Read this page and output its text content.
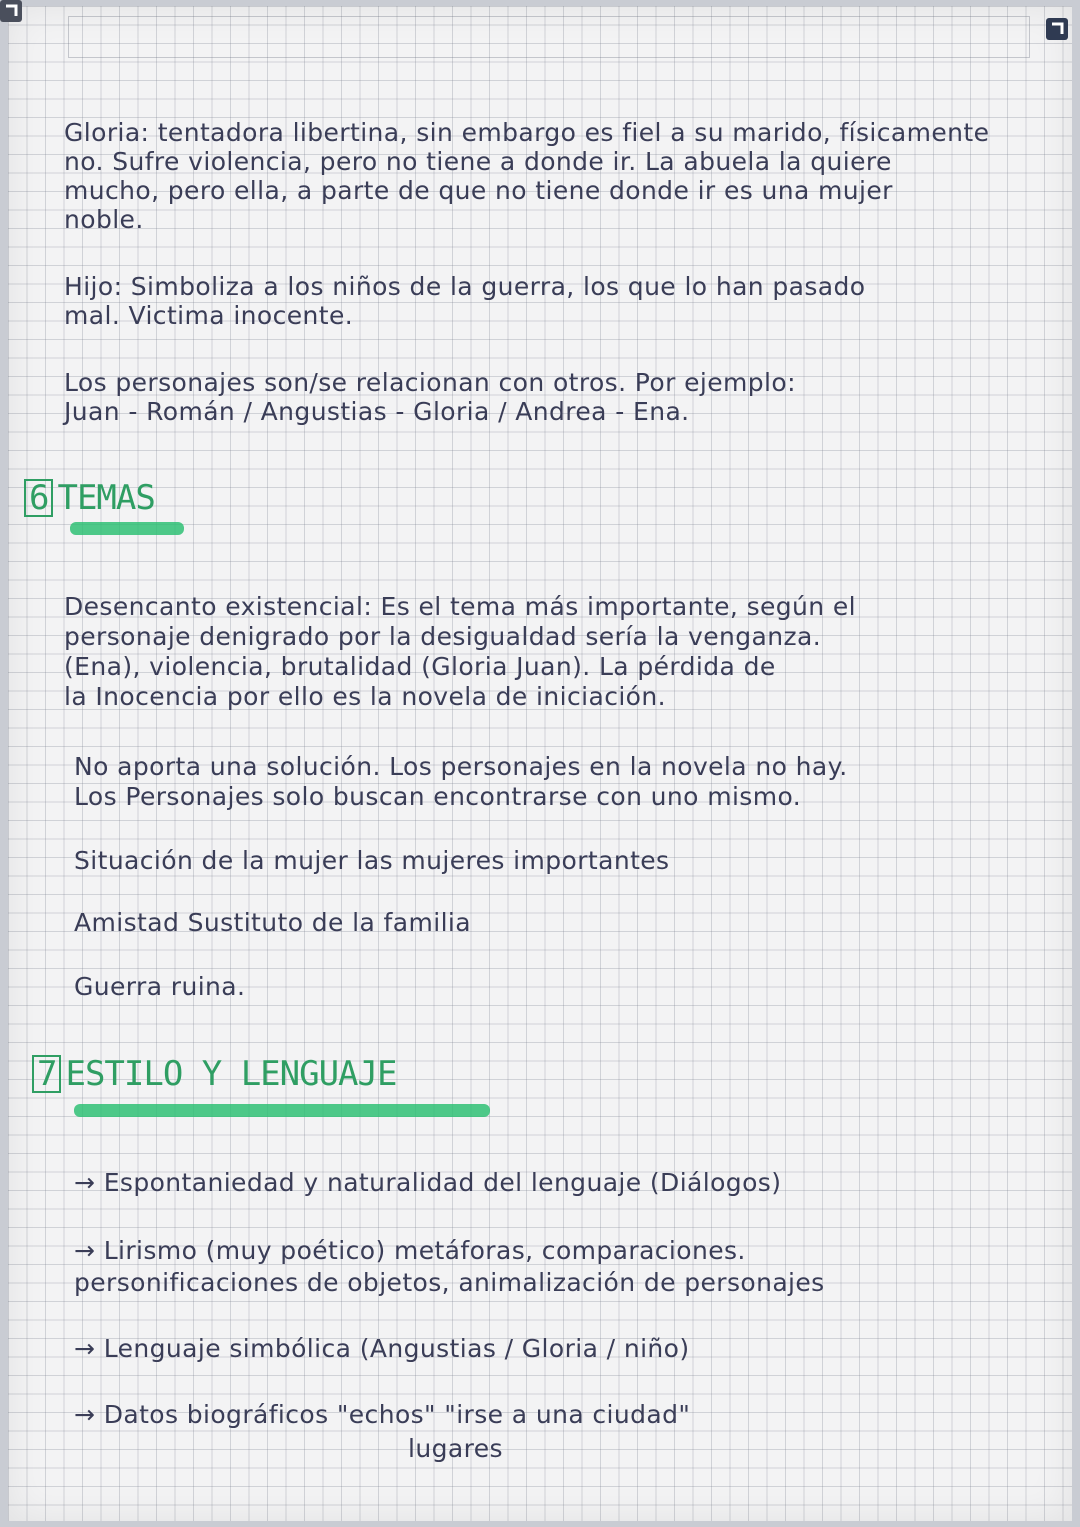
Gloria: tentadora libertina, sin embargo es fiel a su marido, físicamente
no. Sufre violencia, pero no tiene a donde ir. La abuela la quiere
mucho, pero ella, a parte de que no tiene donde ir es una mujer
noble.
Hijo: Simboliza a los niños de la guerra, los que lo han pasado
mal. Victima inocente.
Los personajes son/se relacionan con otros. Por ejemplo:
Juan - Román / Angustias - Gloria / Andrea - Ena.
6 TEMAS
Desencanto existencial: Es el tema más importante, según el
personaje denigrado por la desigualdad sería la venganza.
(Ena), violencia, brutalidad (Gloria Juan). La pérdida de
la Inocencia por ello es la novela de iniciación.
No aporta una solución. Los personajes en la novela no hay.
Los Personajes solo buscan encontrarse con uno mismo.
Situación de la mujer las mujeres importantes
Amistad Sustituto de la familia
Guerra ruina.
7 ESTILO Y LENGUAJE
→ Espontaniedad y naturalidad del lenguaje (Diálogos)
→ Lirismo (muy poético) metáforas, comparaciones.
personificaciones de objetos, animalización de personajes
→ Lenguaje simbólica (Angustias / Gloria / niño)
→ Datos biográficos "echos" "irse a una ciudad"
lugares
